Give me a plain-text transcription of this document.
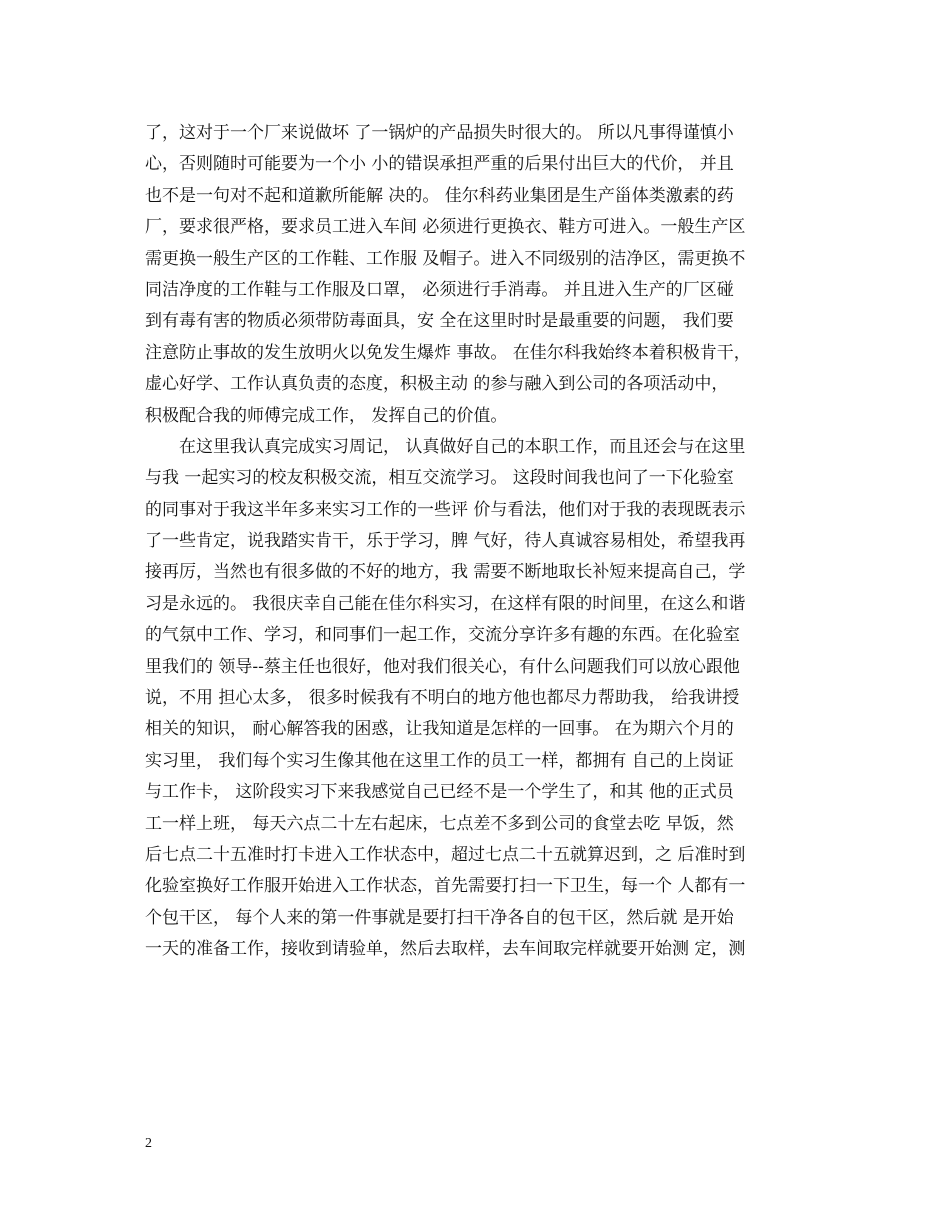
了，这对于一个厂来说做坏 了一锅炉的产品损失时很大的。 所以凡事得谨慎小
心，否则随时可能要为一个小 小的错误承担严重的后果付出巨大的代价， 并且
也不是一句对不起和道歉所能解 决的。 佳尔科药业集团是生产甾体类激素的药
厂，要求很严格，要求员工进入车间 必须进行更换衣、鞋方可进入。一般生产区
需更换一般生产区的工作鞋、工作服 及帽子。进入不同级别的洁净区，需更换不
同洁净度的工作鞋与工作服及口罩， 必须进行手消毒。 并且进入生产的厂区碰
到有毒有害的物质必须带防毒面具，安 全在这里时时是最重要的问题， 我们要
注意防止事故的发生放明火以免发生爆炸 事故。 在佳尔科我始终本着积极肯干，
虚心好学、工作认真负责的态度，积极主动 的参与融入到公司的各项活动中，
积极配合我的师傅完成工作， 发挥自己的价值。
　　在这里我认真完成实习周记， 认真做好自己的本职工作，而且还会与在这里
与我 一起实习的校友积极交流，相互交流学习。 这段时间我也问了一下化验室
的同事对于我这半年多来实习工作的一些评 价与看法，他们对于我的表现既表示
了一些肯定，说我踏实肯干，乐于学习，脾 气好，待人真诚容易相处，希望我再
接再厉，当然也有很多做的不好的地方，我 需要不断地取长补短来提高自己，学
习是永远的。 我很庆幸自己能在佳尔科实习，在这样有限的时间里，在这么和谐
的气氛中工作、学习，和同事们一起工作，交流分享许多有趣的东西。在化验室
里我们的 领导--蔡主任也很好，他对我们很关心，有什么问题我们可以放心跟他
说，不用 担心太多， 很多时候我有不明白的地方他也都尽力帮助我， 给我讲授
相关的知识， 耐心解答我的困惑，让我知道是怎样的一回事。 在为期六个月的
实习里， 我们每个实习生像其他在这里工作的员工一样，都拥有 自己的上岗证
与工作卡， 这阶段实习下来我感觉自己已经不是一个学生了，和其 他的正式员
工一样上班， 每天六点二十左右起床，七点差不多到公司的食堂去吃 早饭，然
后七点二十五准时打卡进入工作状态中，超过七点二十五就算迟到，之 后准时到
化验室换好工作服开始进入工作状态，首先需要打扫一下卫生，每一个 人都有一
个包干区， 每个人来的第一件事就是要打扫干净各自的包干区，然后就 是开始
一天的准备工作，接收到请验单，然后去取样，去车间取完样就要开始测 定，测
2
